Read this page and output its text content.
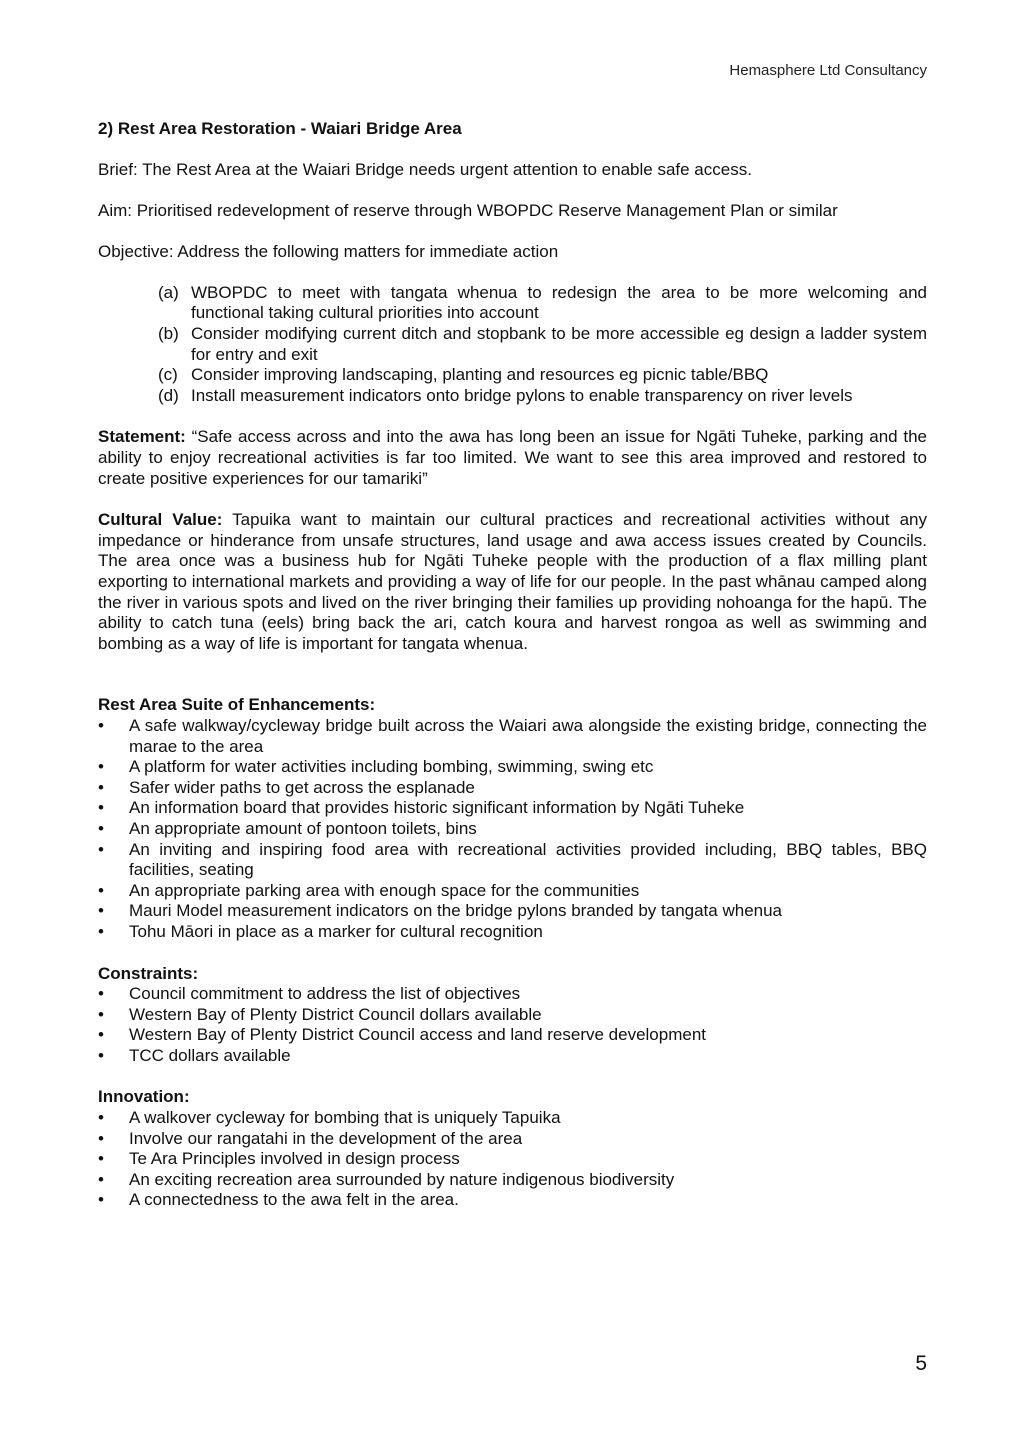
Hemasphere Ltd Consultancy

2) Rest Area Restoration - Waiari Bridge Area

Brief: The Rest Area at the Waiari Bridge needs urgent attention to enable safe access.

Aim: Prioritised redevelopment of reserve through WBOPDC Reserve Management Plan or similar

Objective: Address the following matters for immediate action

(a) WBOPDC to meet with tangata whenua to redesign the area to be more welcoming and functional taking cultural priorities into account
(b) Consider modifying current ditch and stopbank to be more accessible eg design a ladder system for entry and exit
(c) Consider improving landscaping, planting and resources eg picnic table/BBQ
(d) Install measurement indicators onto bridge pylons to enable transparency on river levels

Statement: “Safe access across and into the awa has long been an issue for Ngāti Tuheke, parking and the ability to enjoy recreational activities is far too limited. We want to see this area improved and restored to create positive experiences for our tamariki”

Cultural Value: Tapuika want to maintain our cultural practices and recreational activities without any impedance or hinderance from unsafe structures, land usage and awa access issues created by Councils. The area once was a business hub for Ngāti Tuheke people with the production of a flax milling plant exporting to international markets and providing a way of life for our people. In the past whānau camped along the river in various spots and lived on the river bringing their families up providing nohoanga for the hapū. The ability to catch tuna (eels) bring back the ari, catch koura and harvest rongoa as well as swimming and bombing as a way of life is important for tangata whenua.

Rest Area Suite of Enhancements:

• A safe walkway/cycleway bridge built across the Waiari awa alongside the existing bridge, connecting the marae to the area
• A platform for water activities including bombing, swimming, swing etc
• Safer wider paths to get across the esplanade
• An information board that provides historic significant information by Ngāti Tuheke
• An appropriate amount of pontoon toilets, bins
• An inviting and inspiring food area with recreational activities provided including, BBQ tables, BBQ facilities, seating
• An appropriate parking area with enough space for the communities
• Mauri Model measurement indicators on the bridge pylons branded by tangata whenua
• Tohu Māori in place as a marker for cultural recognition

Constraints:

• Council commitment to address the list of objectives
• Western Bay of Plenty District Council dollars available
• Western Bay of Plenty District Council access and land reserve development
• TCC dollars available

Innovation:

• A walkover cycleway for bombing that is uniquely Tapuika
• Involve our rangatahi in the development of the area
• Te Ara Principles involved in design process
• An exciting recreation area surrounded by nature indigenous biodiversity
• A connectedness to the awa felt in the area.
5
